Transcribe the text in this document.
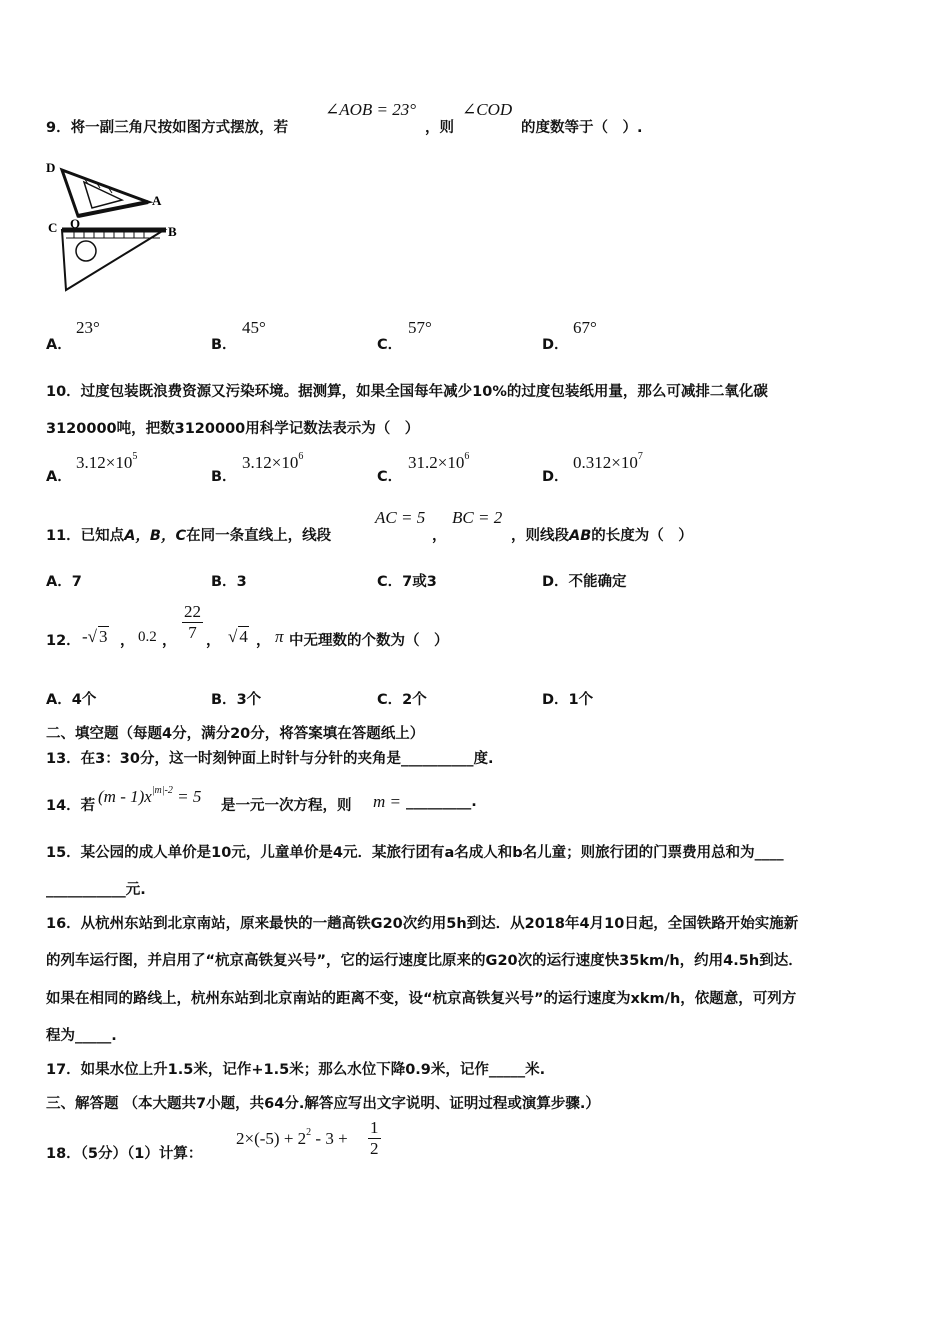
9．将一副三角尺按如图方式摆放，若
∠AOB = 23°
，则
∠COD
的度数等于（　）.
D
A
C O
B
A．
23°
B．
45°
C．
57°
D．
67°
10．过度包装既浪费资源又污染环境。据测算，如果全国每年减少10%的过度包装纸用量，那么可减排二氧化碳
3120000吨，把数3120000用科学记数法表示为（　）
A．
$3.12\times 10^5$
B．
$3.12\times 10^6$
C．
$31.2\times 10^6$
D．
$0.312\times 10^7$
11．已知点A，B，C在同一条直线上，线段
AC = 5
，
BC = 2
，则线段AB的长度为（　）
A．7	B．3	C．7或3	D．不能确定
12． -√ 3 ， 0.2 ， $\frac{22}{7}$ ， √ 4 ， π 中无理数的个数为（　）
A．4个	B．3个	C．2个	D．1个
二、填空题（每题4分，满分20分，将答案填在答题纸上）
13．在3：30分，这一时刻钟面上时针与分针的夹角是__________度.
14．若 $(m - 1)x^{|m|-2} = 5$ 是一元一次方程，则 m = _________.
15．某公园的成人单价是10元，儿童单价是4元．某旅行团有a名成人和b名儿童；则旅行团的门票费用总和为____
___________元.
16．从杭州东站到北京南站，原来最快的一趟高铁G20次约用5h到达．从2018年4月10日起，全国铁路开始实施新
的列车运行图，并启用了“杭京高铁复兴号”，它的运行速度比原来的G20次的运行速度快35km/h，约用4.5h到达．
如果在相同的路线上，杭州东站到北京南站的距离不变，设“杭京高铁复兴号”的运行速度为xkm/h，依题意，可列方
程为_____.
17．如果水位上升1.5米，记作+1.5米；那么水位下降0.9米，记作_____米.
三、解答题 （本大题共7小题，共64分.解答应写出文字说明、证明过程或演算步骤.）
18．（5分）（1）计算：
$2\times(-5) + 2^2 - 3 + \frac{1}{2}$
